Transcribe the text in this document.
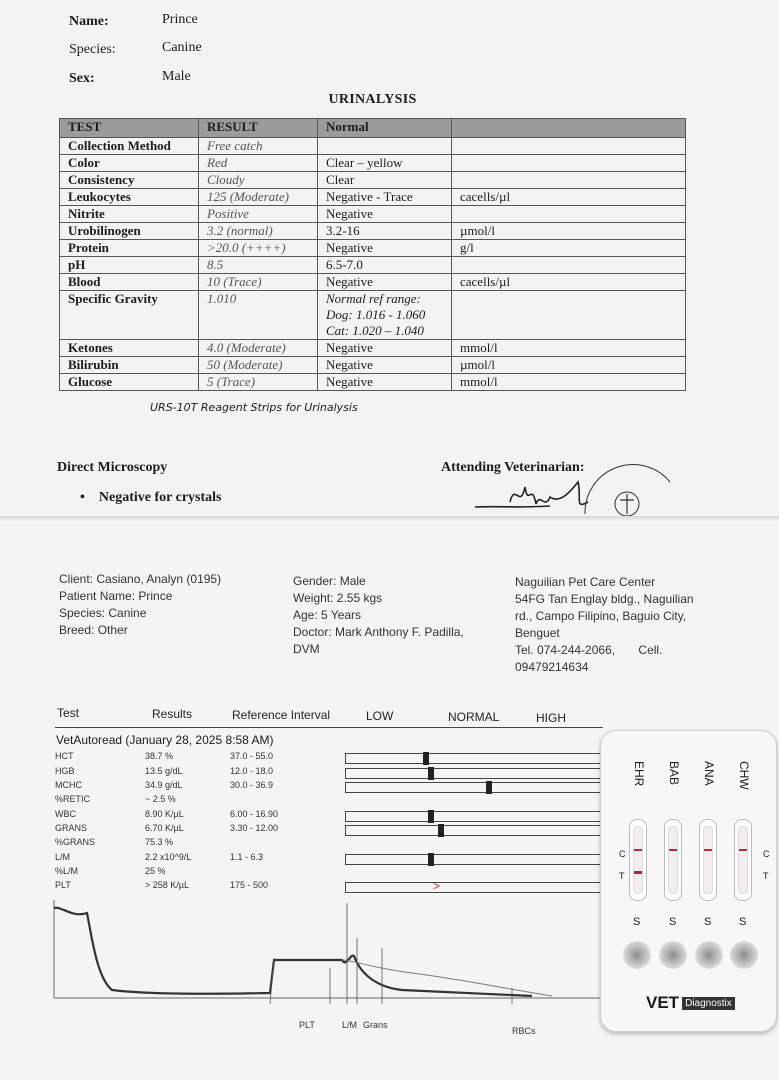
Name:	Prince
Species:	Canine
Sex:	Male
URINALYSIS
TEST	RESULT	Normal	
Collection Method	Free catch		
Color	Red	Clear – yellow	
Consistency	Cloudy	Clear	
Leukocytes	125 (Moderate)	Negative - Trace	cacells/µl
Nitrite	Positive	Negative	
Urobilinogen	3.2 (normal)	3.2-16	µmol/l
Protein	>20.0 (++++)	Negative	g/l
pH	8.5	6.5-7.0	
Blood	10 (Trace)	Negative	cacells/µl
Specific Gravity	1.010	Normal ref range:
Dog: 1.016 - 1.060
Cat: 1.020 – 1.040	

Ketones	4.0 (Moderate)	Negative	mmol/l
Bilirubin	50 (Moderate)	Negative	µmol/l
Glucose	5 (Trace)	Negative	mmol/l
URS-10T Reagent Strips for Urinalysis
Direct Microscopy
•    Negative for crystals
Attending Veterinarian:
Client: Casiano, Analyn (0195)
Patient Name: Prince
Species: Canine
Breed: Other
Gender: Male
Weight: 2.55 kgs
Age: 5 Years
Doctor: Mark Anthony F. Padilla,
DVM
Naguilian Pet Care Center
54FG Tan Englay bldg., Naguilian
rd., Campo Filipino, Baguio City,
Benguet
Tel. 074-244-2066, Cell.
09479214634
Test	Results	Reference Interval	LOW	NORMAL	HIGH
VetAutoread (January 28, 2025 8:58 AM)
HCT	38.7 %	37.0 - 55.0
HGB	13.5 g/dL	12.0 - 18.0
MCHC	34.9 g/dL	30.0 - 36.9
%RETIC	~ 2.5 %
WBC	8.90 K/µL	6.00 - 16.90
GRANS	6.70 K/µL	3.30 - 12.00
%GRANS	75.3 %
L/M	2.2 x10^9/L	1.1 - 6.3
%L/M	25 %
PLT	> 258 K/µL	175 - 500	>
PLT	L/M Grans
RBCs
EHR BAB ANA CHW
C
T
C
T
S	S	S	S
VET Diagnostix
